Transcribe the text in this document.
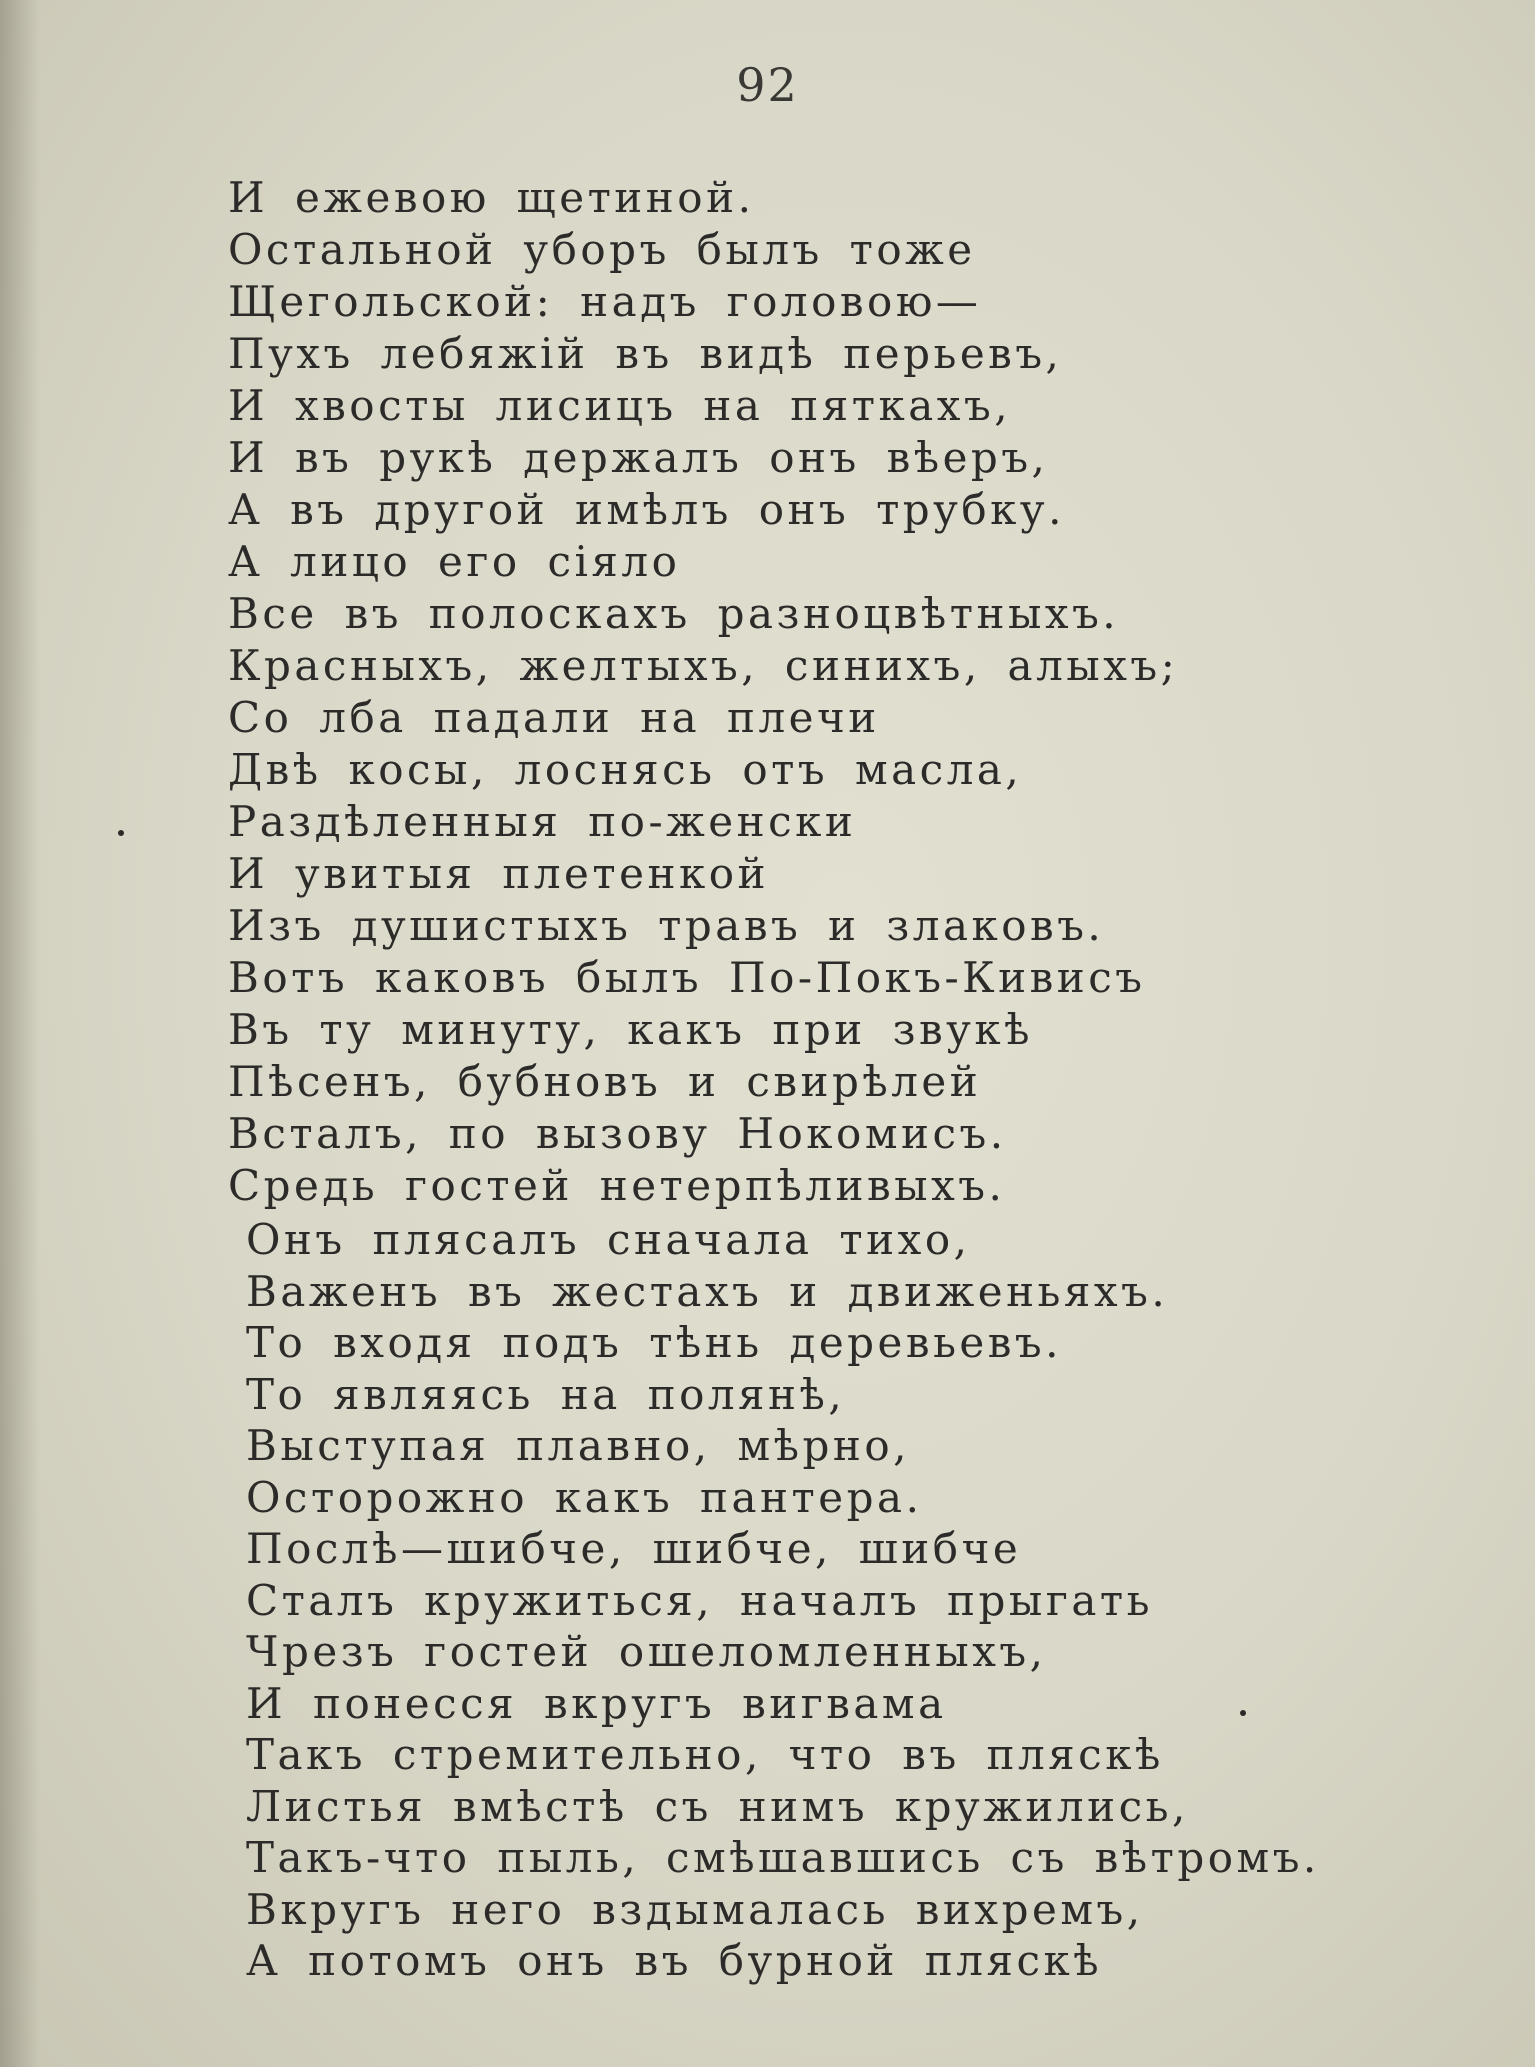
92
И ежевою щетиной.
Остальной уборъ былъ тоже
Щегольской: надъ головою—
Пухъ лебяжій въ видѣ перьевъ,
И хвосты лисицъ на пяткахъ,
И въ рукѣ держалъ онъ вѣеръ,
А въ другой имѣлъ онъ трубку.
А лицо его сіяло
Все въ полоскахъ разноцвѣтныхъ.
Красныхъ, желтыхъ, синихъ, алыхъ;
Со лба падали на плечи
Двѣ косы, лоснясь отъ масла,
Раздѣленныя по-женски
И увитыя плетенкой
Изъ душистыхъ травъ и злаковъ.
Вотъ каковъ былъ По-Покъ-Кивисъ
Въ ту минуту, какъ при звукѣ
Пѣсенъ, бубновъ и свирѣлей
Всталъ, по вызову Нокомисъ.
Средь гостей нетерпѣливыхъ.
Онъ плясалъ сначала тихо,
Важенъ въ жестахъ и движеньяхъ.
То входя подъ тѣнь деревьевъ.
То являясь на полянѣ,
Выступая плавно, мѣрно,
Осторожно какъ пантера.
Послѣ—шибче, шибче, шибче
Сталъ кружиться, началъ прыгать
Чрезъ гостей ошеломленныхъ,
И понесся вкругъ вигвама
Такъ стремительно, что въ пляскѣ
Листья вмѣстѣ съ нимъ кружились,
Такъ-что пыль, смѣшавшись съ вѣтромъ.
Вкругъ него вздымалась вихремъ,
А потомъ онъ въ бурной пляскѣ
